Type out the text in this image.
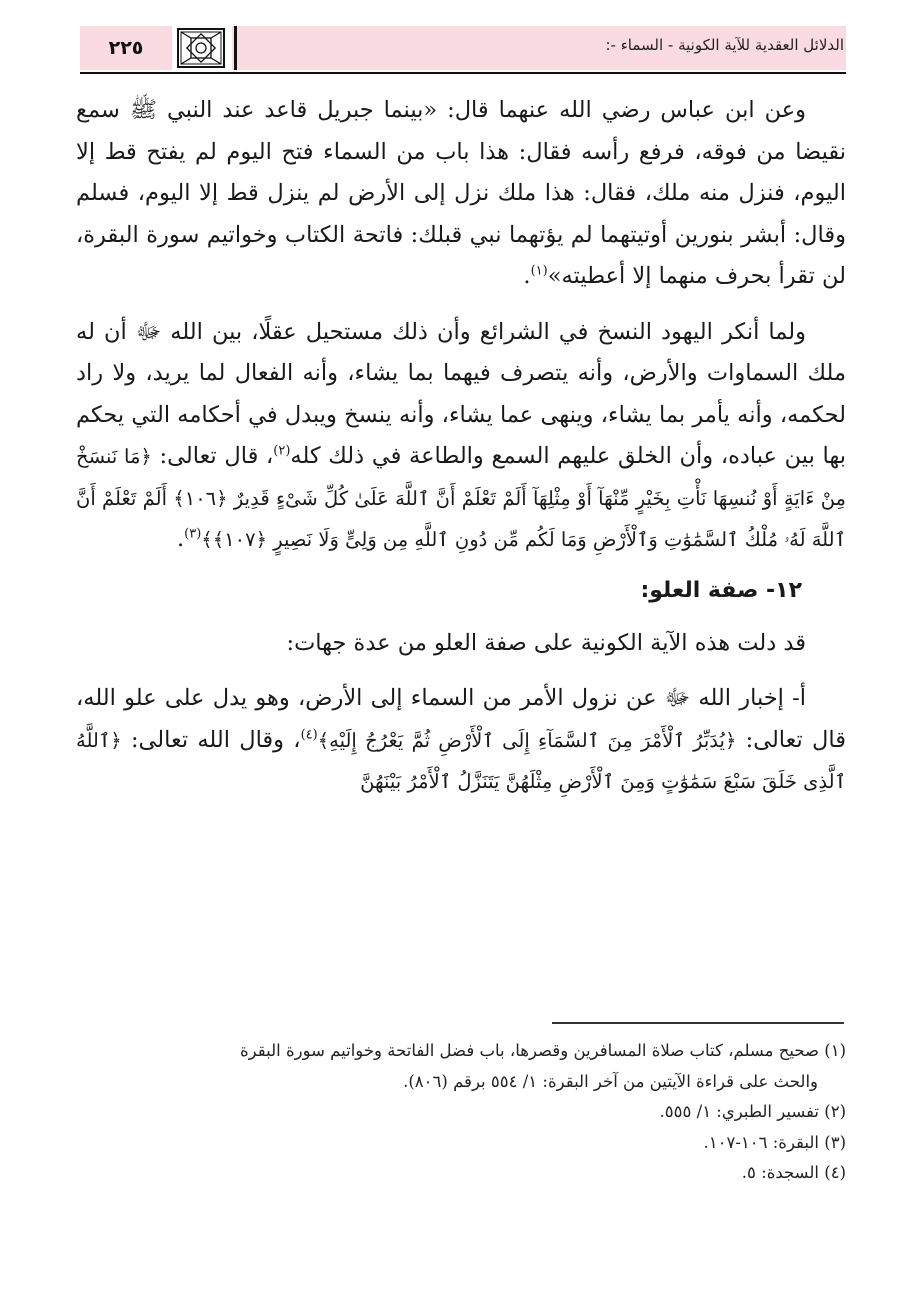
الدلائل العقدية للآية الكونية - السماء -:
٢٢٥

وعن ابن عباس رضي الله عنهما قال: «بينما جبريل قاعد عند النبي ﷺ سمع نقيضا من فوقه، فرفع رأسه فقال: هذا باب من السماء فتح اليوم لم يفتح قط إلا اليوم، فنزل منه ملك، فقال: هذا ملك نزل إلى الأرض لم ينزل قط إلا اليوم، فسلم وقال: أبشر بنورين أوتيتهما لم يؤتهما نبي قبلك: فاتحة الكتاب وخواتيم سورة البقرة، لن تقرأ بحرف منهما إلا أعطيته»$^{(١)}$.

ولما أنكر اليهود النسخ في الشرائع وأن ذلك مستحيل عقلًا، بين الله ﷻ أن له ملك السماوات والأرض، وأنه يتصرف فيهما بما يشاء، وأنه الفعال لما يريد، ولا راد لحكمه، وأنه يأمر بما يشاء، وينهى عما يشاء، وأنه ينسخ ويبدل في أحكامه التي يحكم بها بين عباده، وأن الخلق عليهم السمع والطاعة في ذلك كله$^{(٢)}$، قال تعالى: ﴿مَا نَنسَخْ مِنْ ءَايَةٍ أَوْ نُنسِهَا نَأْتِ بِخَيْرٍ مِّنْهَآ أَوْ مِثْلِهَآ أَلَمْ تَعْلَمْ أَنَّ ٱللَّهَ عَلَىٰ كُلِّ شَىْءٍ قَدِيرٌ ﴿١٠٦﴾ أَلَمْ تَعْلَمْ أَنَّ ٱللَّهَ لَهُۥ مُلْكُ ٱلسَّمَٰوَٰتِ وَٱلْأَرْضِ وَمَا لَكُم مِّن دُونِ ٱللَّهِ مِن وَلِىٍّ وَلَا نَصِيرٍ ﴿١٠٧﴾﴾$^{(٣)}$.

١٢- صفة العلو:

قد دلت هذه الآية الكونية على صفة العلو من عدة جهات:

أ- إخبار الله ﷻ عن نزول الأمر من السماء إلى الأرض، وهو يدل على علو الله، قال تعالى: ﴿يُدَبِّرُ ٱلْأَمْرَ مِنَ ٱلسَّمَآءِ إِلَى ٱلْأَرْضِ ثُمَّ يَعْرُجُ إِلَيْهِ﴾$^{(٤)}$، وقال الله تعالى: ﴿ٱللَّهُ ٱلَّذِى خَلَقَ سَبْعَ سَمَٰوَٰتٍ وَمِنَ ٱلْأَرْضِ مِثْلَهُنَّ يَتَنَزَّلُ ٱلْأَمْرُ بَيْنَهُنَّ

(١) صحيح مسلم، كتاب صلاة المسافرين وقصرها، باب فضل الفاتحة وخواتيم سورة البقرة
والحث على قراءة الآيتين من آخر البقرة: ١/ ٥٥٤ برقم (٨٠٦).
(٢) تفسير الطبري: ١/ ٥٥٥.
(٣) البقرة: ١٠٦-١٠٧.
(٤) السجدة: ٥.
